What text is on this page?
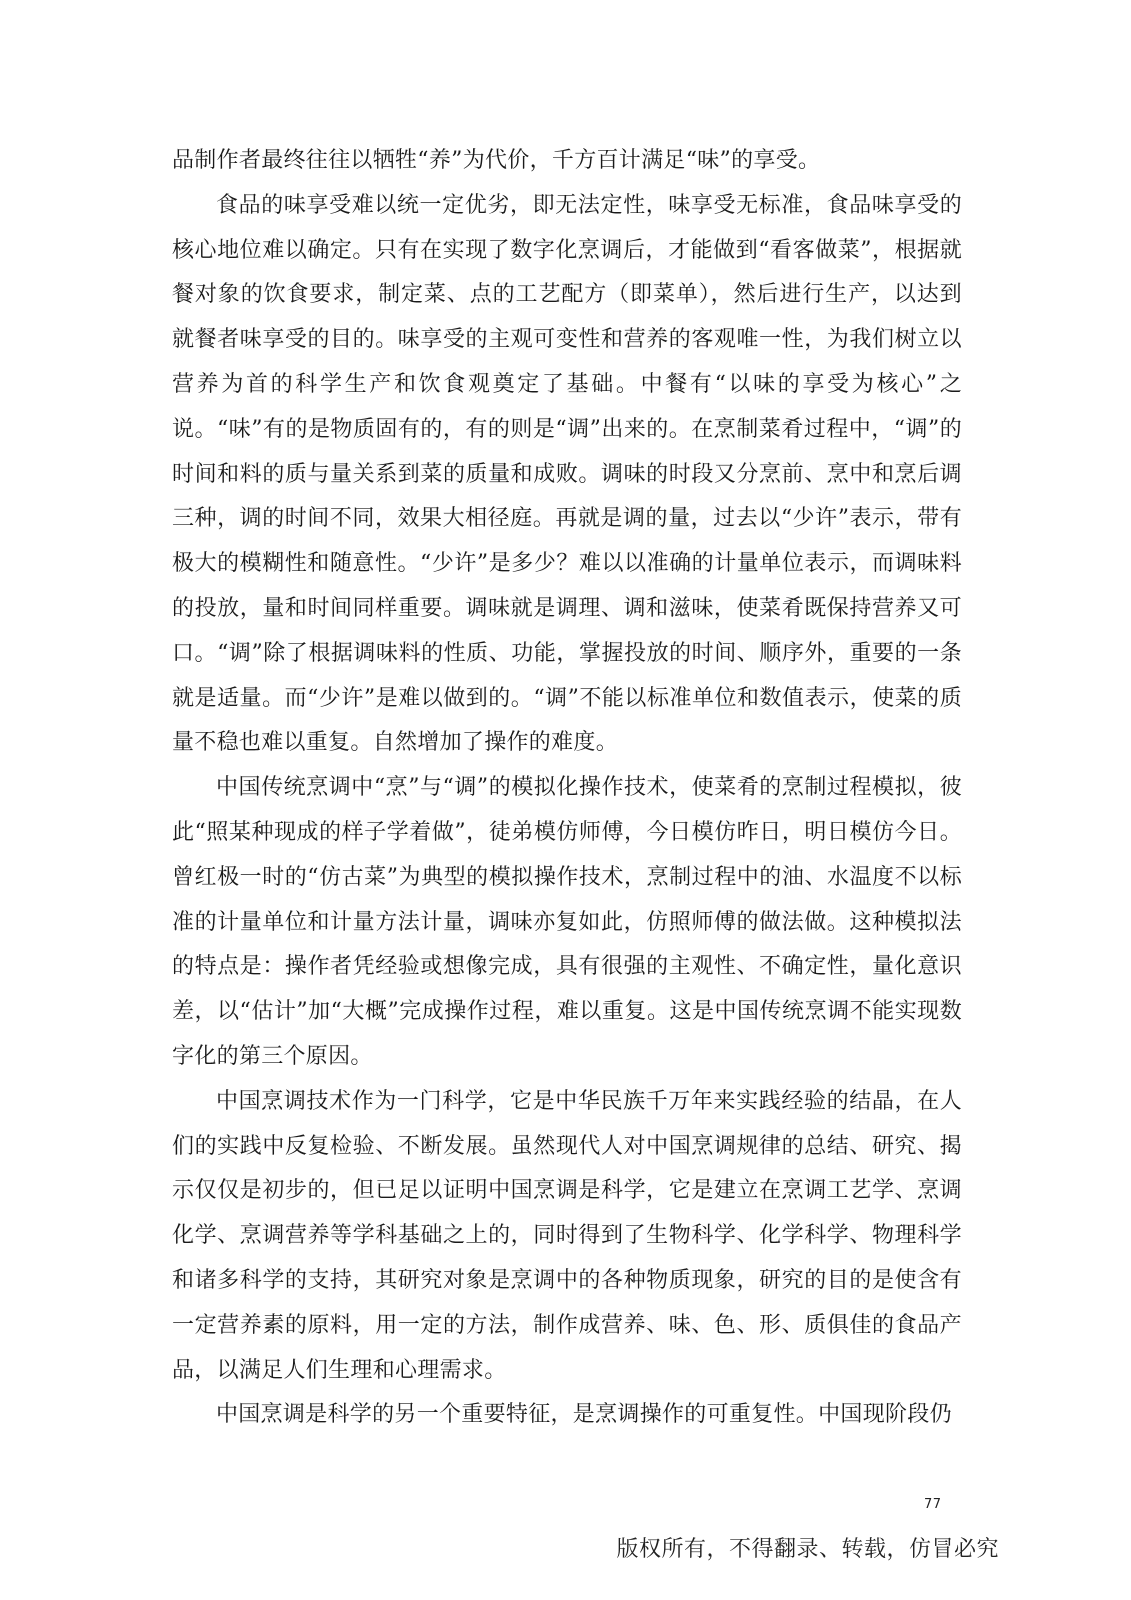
品制作者最终往往以牺牲“养”为代价，千方百计满足“味”的享受。

食品的味享受难以统一定优劣，即无法定性，味享受无标准，食品味享受的核心地位难以确定。只有在实现了数字化烹调后，才能做到“看客做菜”，根据就餐对象的饮食要求，制定菜、点的工艺配方（即菜单），然后进行生产，以达到就餐者味享受的目的。味享受的主观可变性和营养的客观唯一性，为我们树立以营养为首的科学生产和饮食观奠定了基础。中餐有“以味的享受为核心”之说。“味”有的是物质固有的，有的则是“调”出来的。在烹制菜肴过程中，“调”的时间和料的质与量关系到菜的质量和成败。调味的时段又分烹前、烹中和烹后调三种，调的时间不同，效果大相径庭。再就是调的量，过去以“少许”表示，带有极大的模糊性和随意性。“少许”是多少？难以以准确的计量单位表示，而调味料的投放，量和时间同样重要。调味就是调理、调和滋味，使菜肴既保持营养又可口。“调”除了根据调味料的性质、功能，掌握投放的时间、顺序外，重要的一条就是适量。而“少许”是难以做到的。“调”不能以标准单位和数值表示，使菜的质量不稳也难以重复。自然增加了操作的难度。

中国传统烹调中“烹”与“调”的模拟化操作技术，使菜肴的烹制过程模拟，彼此“照某种现成的样子学着做”，徒弟模仿师傅，今日模仿昨日，明日模仿今日。曾红极一时的“仿古菜”为典型的模拟操作技术，烹制过程中的油、水温度不以标准的计量单位和计量方法计量，调味亦复如此，仿照师傅的做法做。这种模拟法的特点是：操作者凭经验或想像完成，具有很强的主观性、不确定性，量化意识差，以“估计”加“大概”完成操作过程，难以重复。这是中国传统烹调不能实现数字化的第三个原因。

中国烹调技术作为一门科学，它是中华民族千万年来实践经验的结晶，在人们的实践中反复检验、不断发展。虽然现代人对中国烹调规律的总结、研究、揭示仅仅是初步的，但已足以证明中国烹调是科学，它是建立在烹调工艺学、烹调化学、烹调营养等学科基础之上的，同时得到了生物科学、化学科学、物理科学和诸多科学的支持，其研究对象是烹调中的各种物质现象，研究的目的是使含有一定营养素的原料，用一定的方法，制作成营养、味、色、形、质俱佳的食品产品，以满足人们生理和心理需求。

中国烹调是科学的另一个重要特征，是烹调操作的可重复性。中国现阶段仍

77
版权所有，不得翻录、转载，仿冒必究
